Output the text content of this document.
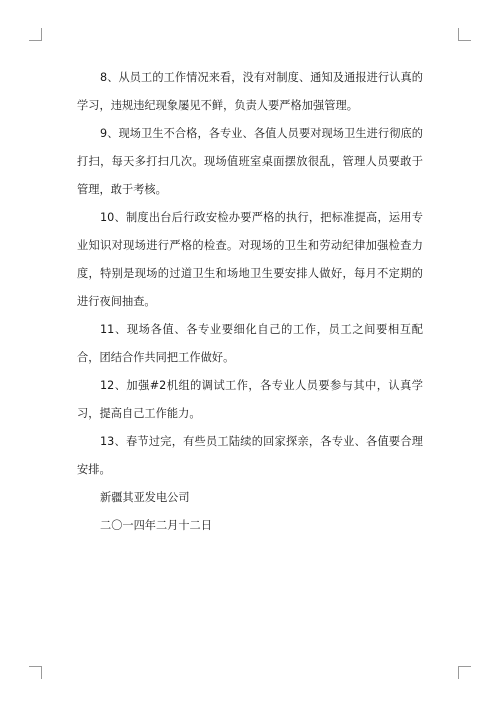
8、从员工的工作情况来看，没有对制度、通知及通报进行认真的学习，违规违纪现象屡见不鲜，负责人要严格加强管理。

9、现场卫生不合格，各专业、各值人员要对现场卫生进行彻底的打扫，每天多打扫几次。现场值班室桌面摆放很乱，管理人员要敢于管理，敢于考核。

10、制度出台后行政安检办要严格的执行，把标准提高，运用专业知识对现场进行严格的检查。对现场的卫生和劳动纪律加强检查力度，特别是现场的过道卫生和场地卫生要安排人做好，每月不定期的进行夜间抽查。

11、现场各值、各专业要细化自己的工作，员工之间要相互配合，团结合作共同把工作做好。

12、加强#2机组的调试工作，各专业人员要参与其中，认真学习，提高自己工作能力。

13、春节过完，有些员工陆续的回家探亲，各专业、各值要合理安排。

新疆其亚发电公司

二〇一四年二月十二日
